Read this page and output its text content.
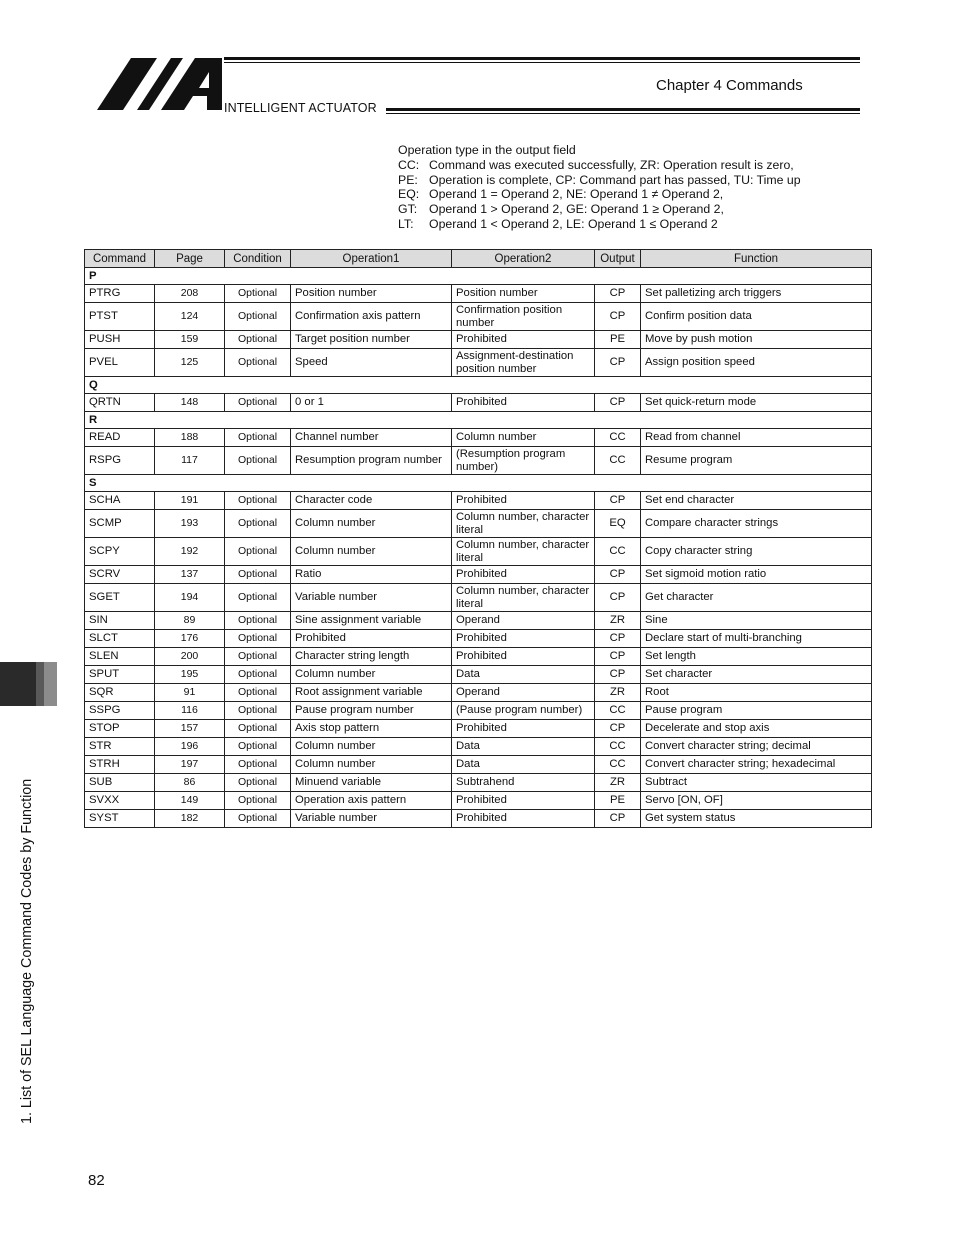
INTELLIGENT ACTUATOR
Chapter 4 Commands
Operation type in the output field
CC: Command was executed successfully, ZR: Operation result is zero,
PE: Operation is complete, CP: Command part has passed, TU: Time up
EQ: Operand 1 = Operand 2, NE: Operand 1 ≠ Operand 2,
GT: Operand 1 > Operand 2, GE: Operand 1 ≥ Operand 2,
LT:	Operand 1 < Operand 2, LE: Operand 1 ≤ Operand 2
Command	Page	Condition	Operation1	Operation2	Output	Function
P						
PTRG	208	Optional	Position number	Position number	CP	Set palletizing arch triggers
PTST	124	Optional	Confirmation axis pattern	Confirmation position number	CP	Confirm position data
PUSH	159	Optional	Target position number	Prohibited	PE	Move by push motion
PVEL	125	Optional	Speed	Assignment-destination position number	CP	Assign position speed
Q						
QRTN	148	Optional	0 or 1	Prohibited	CP	Set quick-return mode
R						
READ	188	Optional	Channel number	Column number	CC	Read from channel
RSPG	117	Optional	Resumption program number	(Resumption program number)	CC	Resume program
S						
SCHA	191	Optional	Character code	Prohibited	CP	Set end character
SCMP	193	Optional	Column number	Column number, character literal	EQ	Compare character strings
SCPY	192	Optional	Column number	Column number, character literal	CC	Copy character string
SCRV	137	Optional	Ratio	Prohibited	CP	Set sigmoid motion ratio
SGET	194	Optional	Variable number	Column number, character literal	CP	Get character
SIN	89	Optional	Sine assignment variable	Operand	ZR	Sine
SLCT	176	Optional	Prohibited	Prohibited	CP	Declare start of multi-branching
SLEN	200	Optional	Character string length	Prohibited	CP	Set length
SPUT	195	Optional	Column number	Data	CP	Set character
SQR	91	Optional	Root assignment variable	Operand	ZR	Root
SSPG	116	Optional	Pause program number	(Pause program number)	CC	Pause program
STOP	157	Optional	Axis stop pattern	Prohibited	CP	Decelerate and stop axis
STR	196	Optional	Column number	Data	CC	Convert character string; decimal
STRH	197	Optional	Column number	Data	CC	Convert character string; hexadecimal
SUB	86	Optional	Minuend variable	Subtrahend	ZR	Subtract
SVXX	149	Optional	Operation axis pattern	Prohibited	PE	Servo [ON, OF]
SYST	182	Optional	Variable number	Prohibited	CP	Get system status
1. List of SEL Language Command Codes by Function
82
